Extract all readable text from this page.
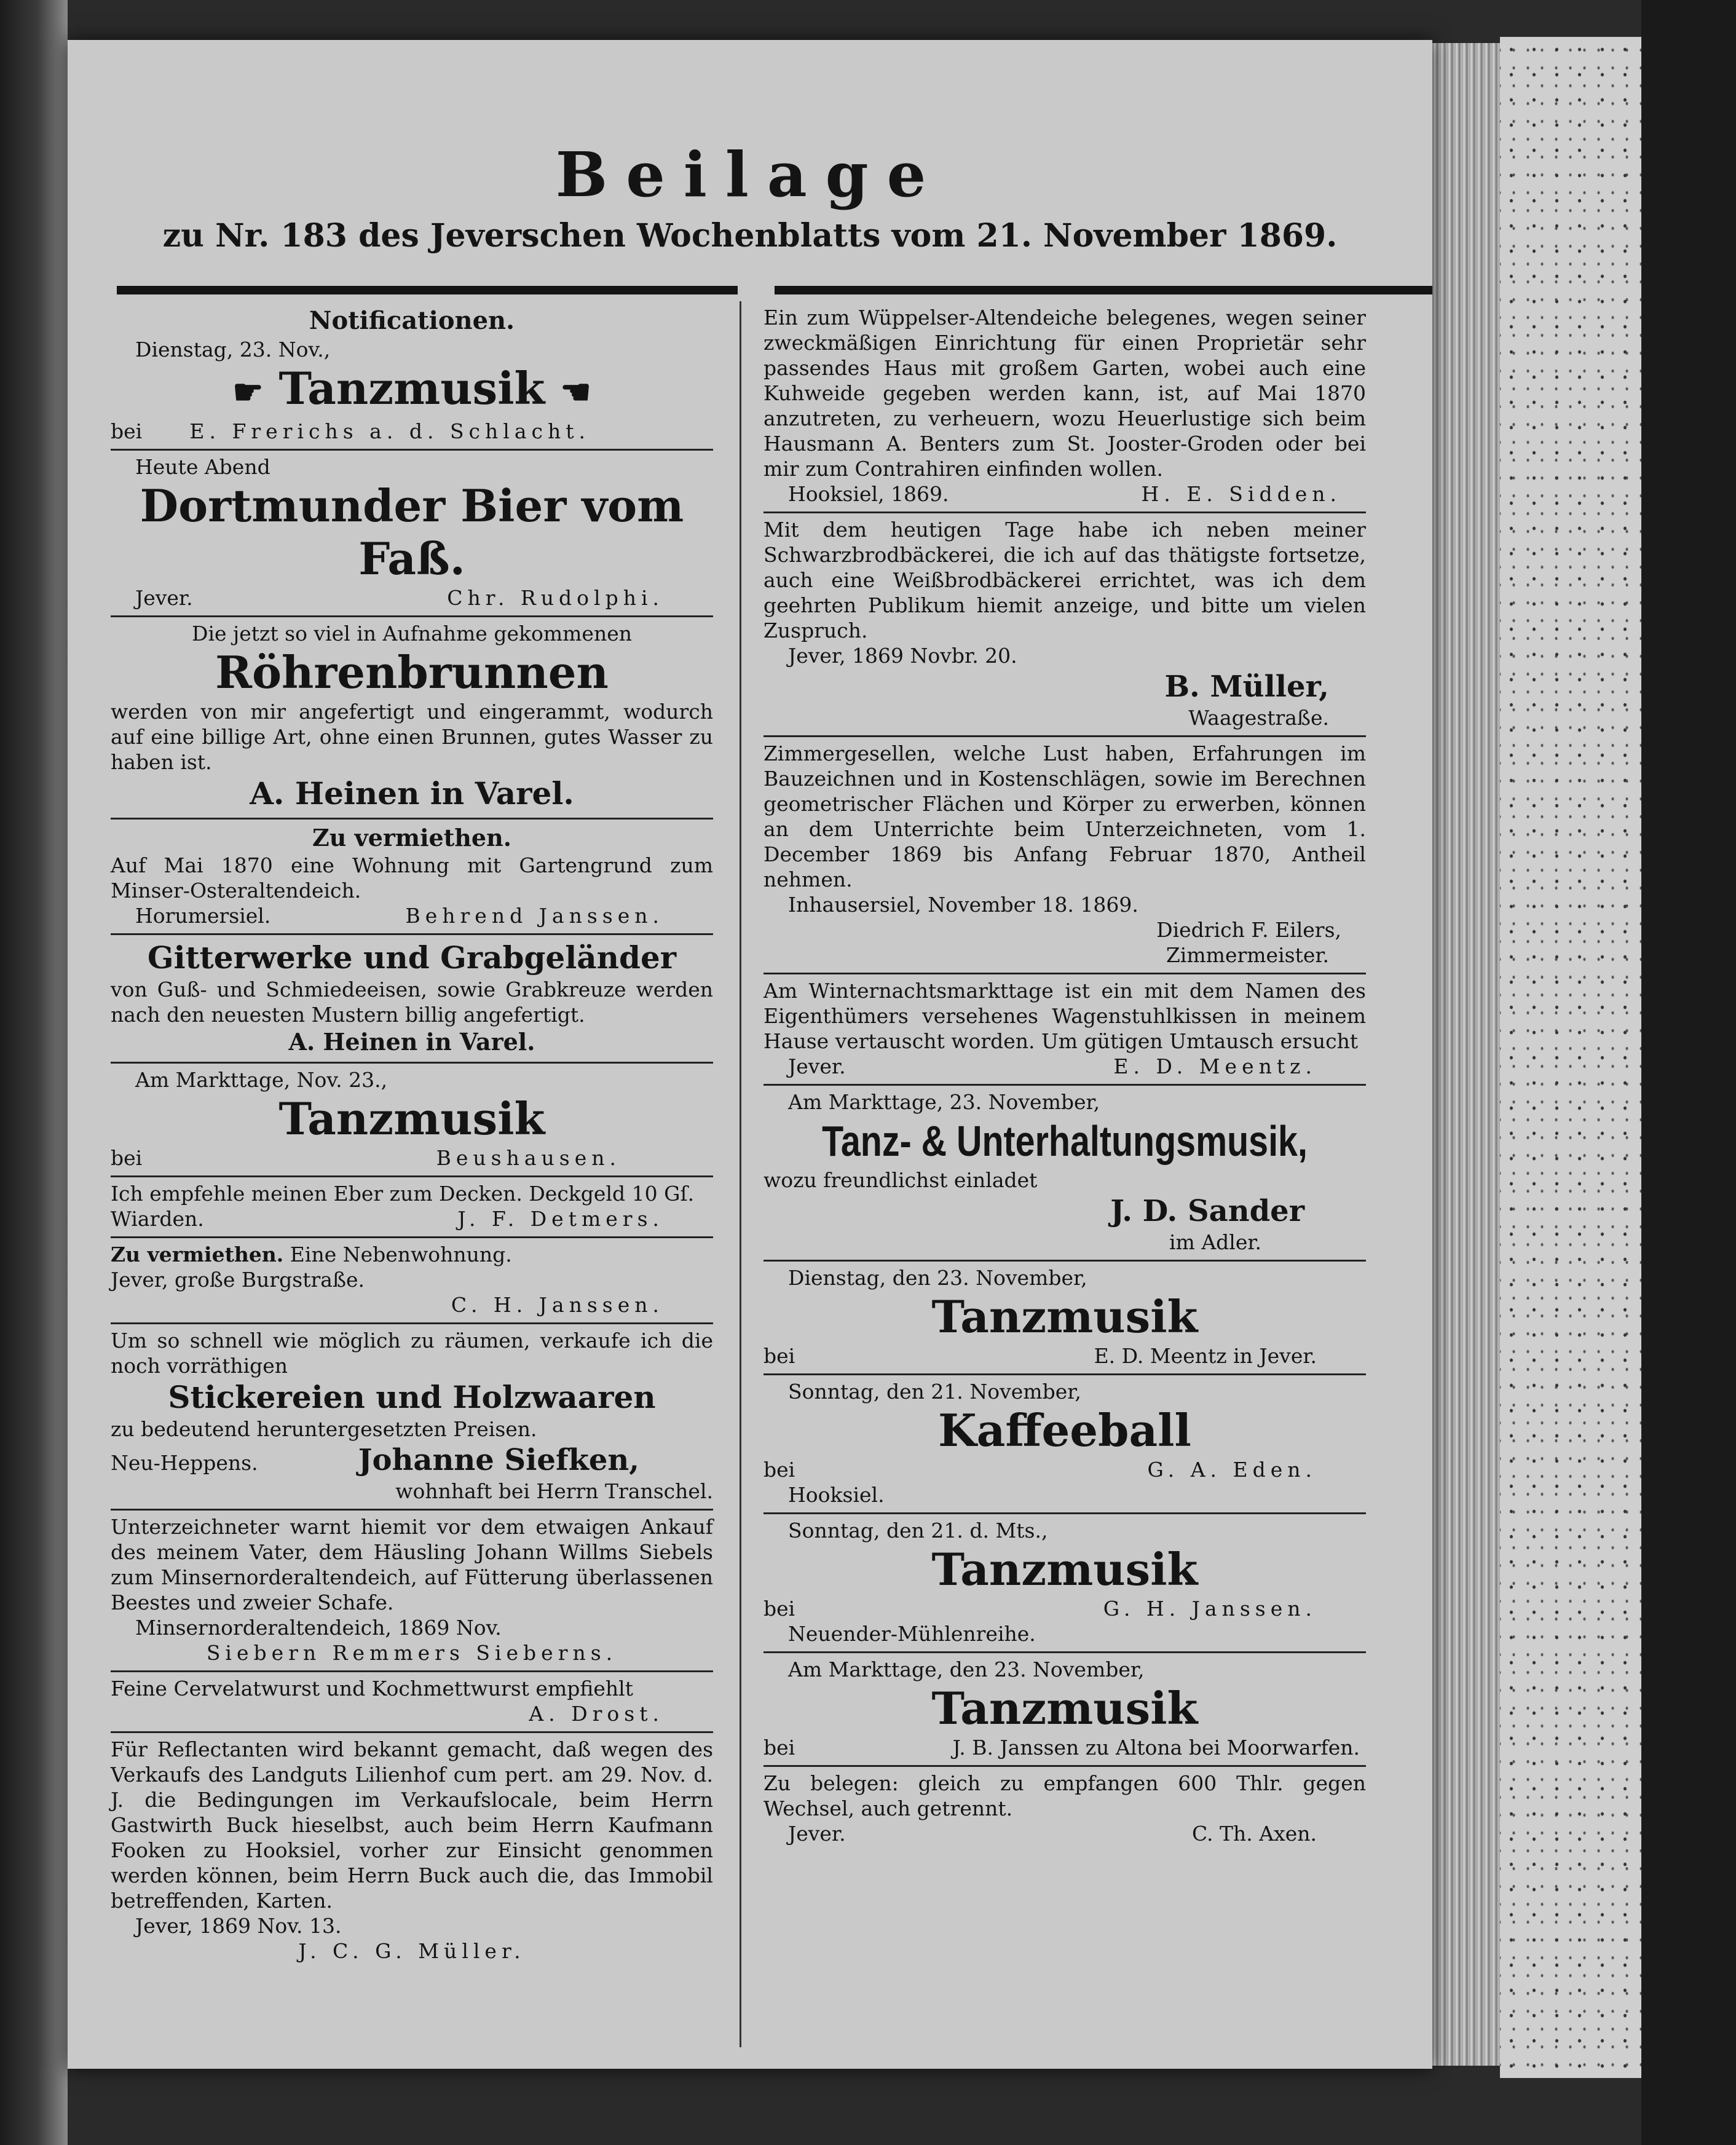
Beilage
zu Nr. 183 des Jeverschen Wochenblatts vom 21. November 1869.
Notificationen.
Dienstag, 23. Nov.,
☛ Tanzmusik ☚
bei E. Frerichs a. d. Schlacht.
Heute Abend
Dortmunder Bier vom Faß.
Jever.	Chr. Rudolphi.
Die jetzt so viel in Aufnahme gekommenen
Röhrenbrunnen
werden von mir angefertigt und eingerammt, wodurch auf eine billige Art, ohne einen Brunnen, gutes Wasser zu haben ist.
A. Heinen in Varel.
Zu vermiethen.
Auf Mai 1870 eine Wohnung mit Gartengrund zum Minser-Osteraltendeich.
Horumersiel.	Behrend Janssen.
Gitterwerke und Grabgeländer
von Guß- und Schmiedeeisen, sowie Grabkreuze werden nach den neuesten Mustern billig angefertigt.
A. Heinen in Varel.
Am Markttage, Nov. 23.,
Tanzmusik
bei	Beushausen.
Ich empfehle meinen Eber zum Decken. Deckgeld 10 Gſ.
Wiarden.	J. F. Detmers.
Zu vermiethen. Eine Nebenwohnung.
Jever, große Burgstraße.

C. H. Janssen.
Um so schnell wie möglich zu räumen, verkaufe ich die noch vorräthigen
Stickereien und Holzwaaren
zu bedeutend heruntergesetzten Preisen.
Neu-Heppens.	Johanne Siefken,
wohnhaft bei Herrn Transchel.
Unterzeichneter warnt hiemit vor dem etwaigen Ankauf des meinem Vater, dem Häusling Johann Willms Siebels zum Minsernorderaltendeich, auf Fütterung überlassenen Beestes und zweier Schafe.
Minsernorderaltendeich, 1869 Nov.
Siebern Remmers Sieberns.
Feine Cervelatwurst und Kochmettwurst empfiehlt
A. Drost.
Für Reflectanten wird bekannt gemacht, daß wegen des Verkaufs des Landguts Lilienhof cum pert. am 29. Nov. d. J. die Bedingungen im Verkaufslocale, beim Herrn Gastwirth Buck hieselbst, auch beim Herrn Kaufmann Fooken zu Hooksiel, vorher zur Einsicht genommen werden können, beim Herrn Buck auch die, das Immobil betreffenden, Karten.
Jever, 1869 Nov. 13.
J. C. G. Müller.
Ein zum Wüppelser-Altendeiche belegenes, wegen seiner zweckmäßigen Einrichtung für einen Proprietär sehr passendes Haus mit großem Garten, wobei auch eine Kuhweide gegeben werden kann, ist, auf Mai 1870 anzutreten, zu verheuern, wozu Heuerlustige sich beim Hausmann A. Benters zum St. Jooster-Groden oder bei mir zum Contrahiren einfinden wollen.
Hooksiel, 1869.	H. E. Sidden.
Mit dem heutigen Tage habe ich neben meiner Schwarzbrodbäckerei, die ich auf das thätigste fortsetze, auch eine Weißbrodbäckerei errichtet, was ich dem geehrten Publikum hiemit anzeige, und bitte um vielen Zuspruch.
Jever, 1869 Novbr. 20.
B. Müller,
Waagestraße.
Zimmergesellen, welche Lust haben, Erfahrungen im Bauzeichnen und in Kostenschlägen, sowie im Berechnen geometrischer Flächen und Körper zu erwerben, können an dem Unterrichte beim Unterzeichneten, vom 1. December 1869 bis Anfang Februar 1870, Antheil nehmen.
Inhausersiel, November 18. 1869.
Diedrich F. Eilers,
Zimmermeister.
Am Winternachtsmarkttage ist ein mit dem Namen des Eigenthümers versehenes Wagenstuhlkissen in meinem Hause vertauscht worden. Um gütigen Umtausch ersucht
Jever.	E. D. Meentz.
Am Markttage, 23. November,
Tanz- & Unterhaltungsmusik,
wozu freundlichst einladet
J. D. Sander
im Adler.
Dienstag, den 23. November,
Tanzmusik
bei	E. D. Meentz in Jever.
Sonntag, den 21. November,
Kaffeeball
bei	G. A. Eden.
Hooksiel.
Sonntag, den 21. d. Mts.,
Tanzmusik
bei	G. H. Janssen.
Neuender-Mühlenreihe.
Am Markttage, den 23. November,
Tanzmusik
bei	J. B. Janssen zu Altona bei Moorwarfen.
Zu belegen: gleich zu empfangen 600 Thlr. gegen Wechsel, auch getrennt.
Jever.	C. Th. Axen.
